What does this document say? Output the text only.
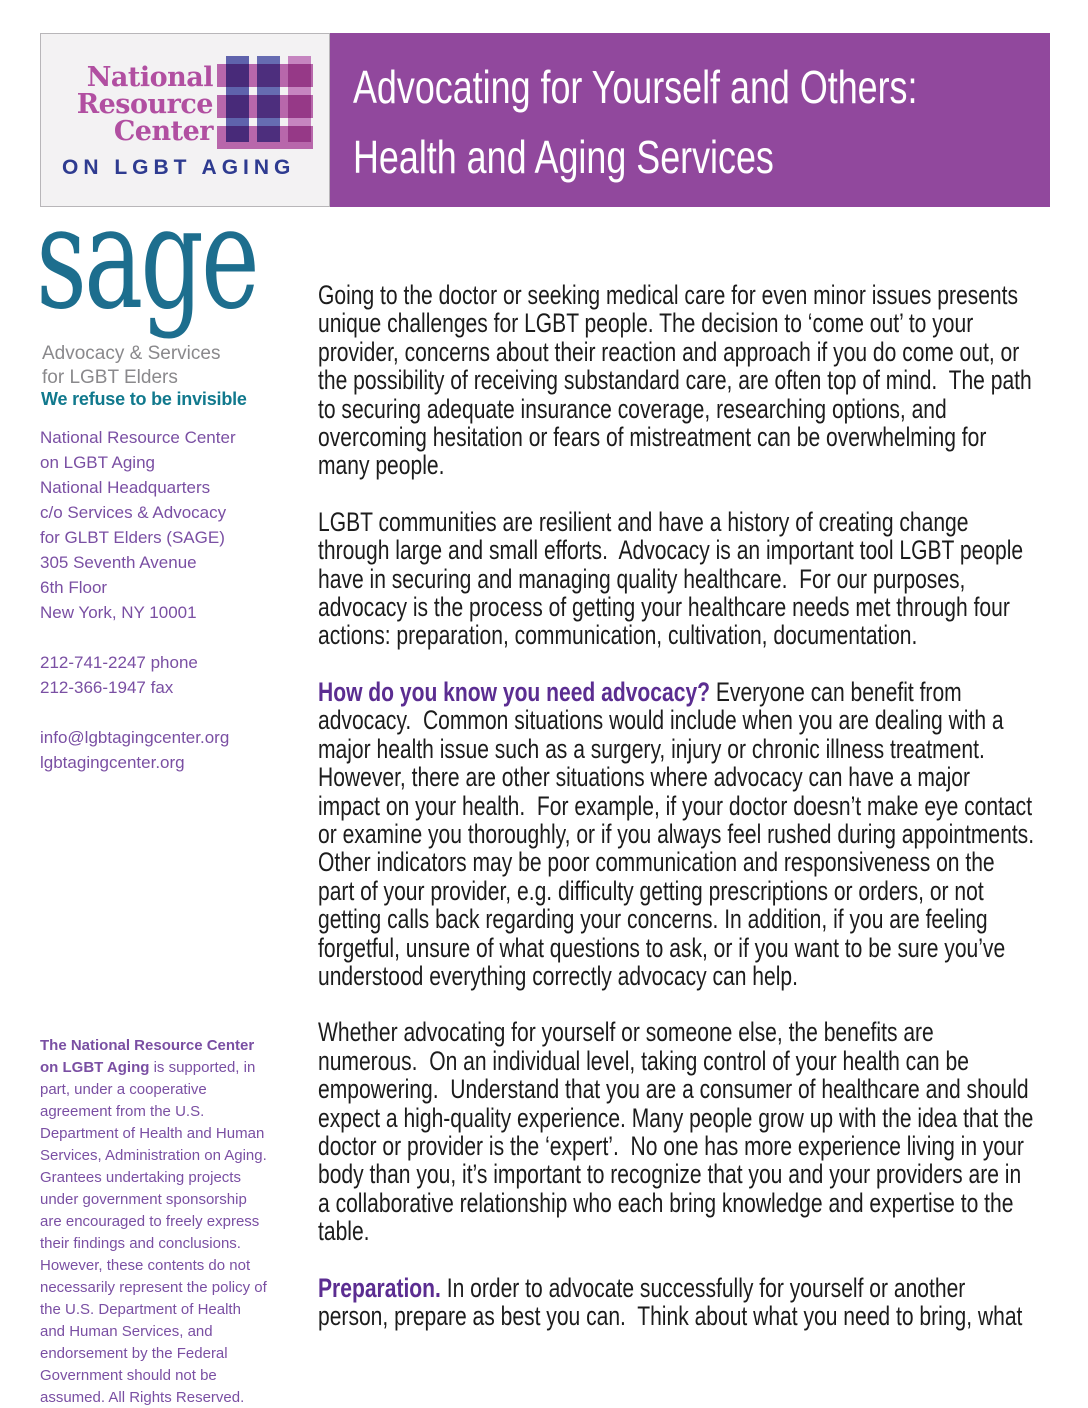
National
Resource
Center
ON LGBT AGING
Advocating for Yourself and Others:
Health and Aging Services
sage
Advocacy & Services
for LGBT Elders
We refuse to be invisible
National Resource Center
on LGBT Aging
National Headquarters
c/o Services & Advocacy
for GLBT Elders (SAGE)
305 Seventh Avenue
6th Floor
New York, NY 10001
212-741-2247 phone
212-366-1947 fax
info@lgbtagingcenter.org
lgbtagingcenter.org
The National Resource Center on LGBT Aging is supported, in part, under a cooperative agreement from the U.S. Department of Health and Human Services, Administration on Aging. Grantees undertaking projects under government sponsorship are encouraged to freely express their findings and conclusions. However, these contents do not necessarily represent the policy of the U.S. Department of Health and Human Services, and endorsement by the Federal Government should not be assumed. All Rights Reserved.

Going to the doctor or seeking medical care for even minor issues presents unique challenges for LGBT people. The decision to ‘come out’ to your provider, concerns about their reaction and approach if you do come out, or the possibility of receiving substandard care, are often top of mind.  The path to securing adequate insurance coverage, researching options, and overcoming hesitation or fears of mistreatment can be overwhelming for many people.

LGBT communities are resilient and have a history of creating change through large and small efforts.  Advocacy is an important tool LGBT people have in securing and managing quality healthcare.  For our purposes, advocacy is the process of getting your healthcare needs met through four actions: preparation, communication, cultivation, documentation.

How do you know you need advocacy? Everyone can benefit from advocacy.  Common situations would include when you are dealing with a major health issue such as a surgery, injury or chronic illness treatment.  However, there are other situations where advocacy can have a major impact on your health.  For example, if your doctor doesn’t make eye contact or examine you thoroughly, or if you always feel rushed during appointments.  Other indicators may be poor communication and responsiveness on the part of your provider, e.g. difficulty getting prescriptions or orders, or not getting calls back regarding your concerns. In addition, if you are feeling forgetful, unsure of what questions to ask, or if you want to be sure you’ve understood everything correctly advocacy can help.

Whether advocating for yourself or someone else, the benefits are numerous.  On an individual level, taking control of your health can be empowering.  Understand that you are a consumer of healthcare and should expect a high-quality experience. Many people grow up with the idea that the doctor or provider is the ‘expert’.  No one has more experience living in your body than you, it’s important to recognize that you and your providers are in a collaborative relationship who each bring knowledge and expertise to the table.

Preparation. In order to advocate successfully for yourself or another person, prepare as best you can.  Think about what you need to bring, what
